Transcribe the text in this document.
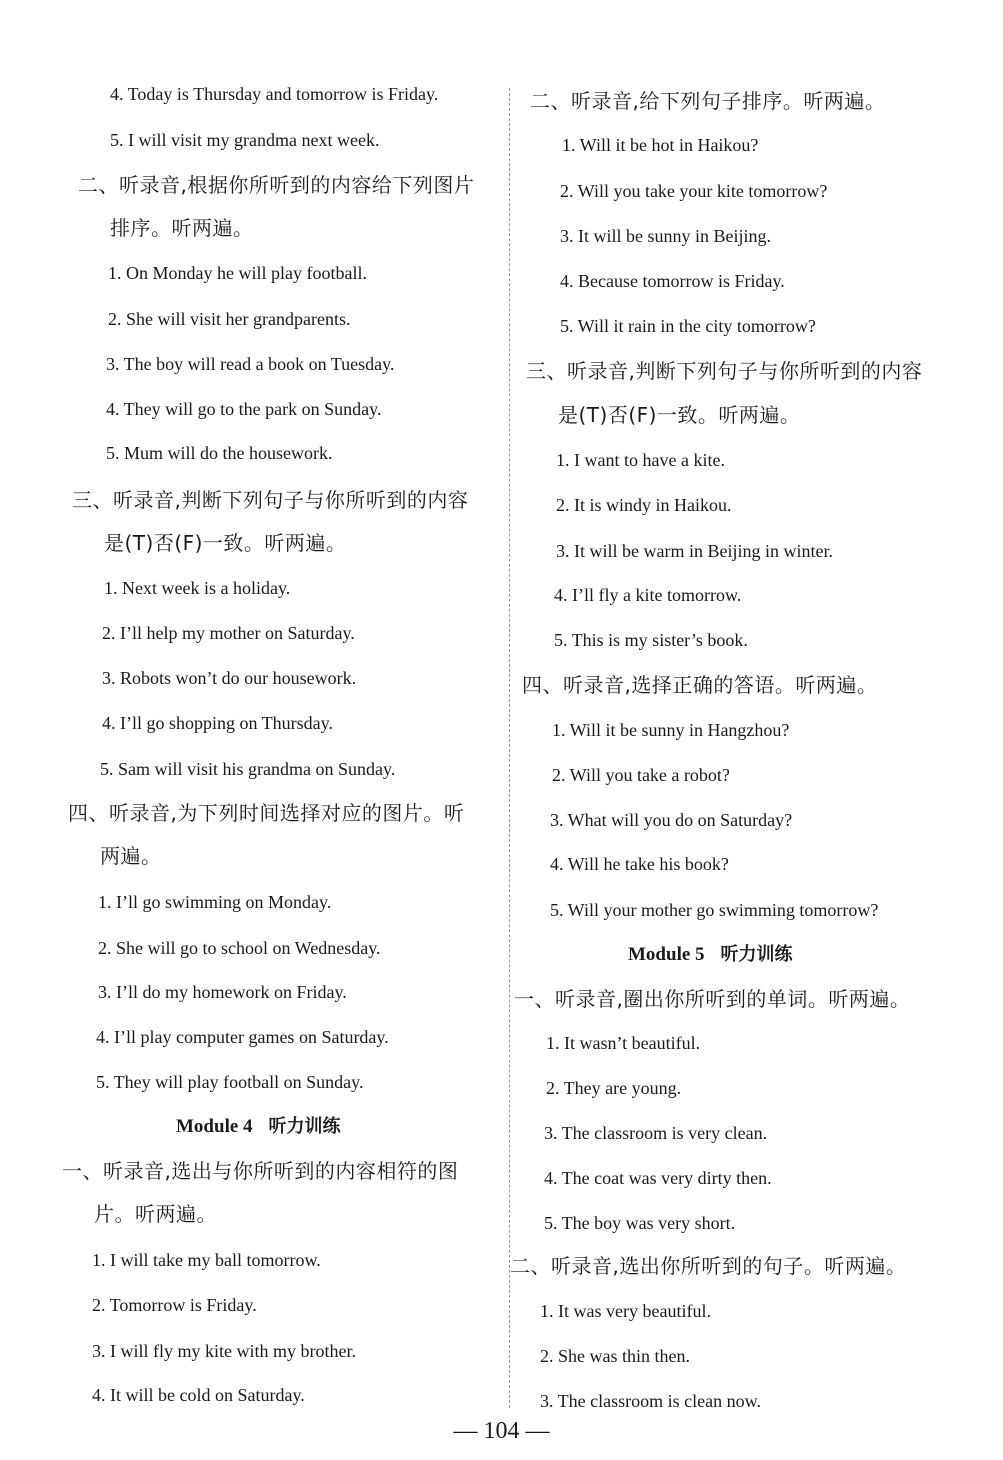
4. Today is Thursday and tomorrow is Friday.
5. I will visit my grandma next week.
二、听录音,根据你所听到的内容给下列图片
排序。听两遍。
1. On Monday he will play football.
2. She will visit her grandparents.
3. The boy will read a book on Tuesday.
4. They will go to the park on Sunday.
5. Mum will do the housework.
三、听录音,判断下列句子与你所听到的内容
是(T)否(F)一致。听两遍。
1. Next week is a holiday.
2. I’ll help my mother on Saturday.
3. Robots won’t do our housework.
4. I’ll go shopping on Thursday.
5. Sam will visit his grandma on Sunday.
四、听录音,为下列时间选择对应的图片。听
两遍。
1. I’ll go swimming on Monday.
2. She will go to school on Wednesday.
3. I’ll do my homework on Friday.
4. I’ll play computer games on Saturday.
5. They will play football on Sunday.
Module 4 听力训练
一、听录音,选出与你所听到的内容相符的图
片。听两遍。
1. I will take my ball tomorrow.
2. Tomorrow is Friday.
3. I will fly my kite with my brother.
4. It will be cold on Saturday.
二、听录音,给下列句子排序。听两遍。
1. Will it be hot in Haikou?
2. Will you take your kite tomorrow?
3. It will be sunny in Beijing.
4. Because tomorrow is Friday.
5. Will it rain in the city tomorrow?
三、听录音,判断下列句子与你所听到的内容
是(T)否(F)一致。听两遍。
1. I want to have a kite.
2. It is windy in Haikou.
3. It will be warm in Beijing in winter.
4. I’ll fly a kite tomorrow.
5. This is my sister’s book.
四、听录音,选择正确的答语。听两遍。
1. Will it be sunny in Hangzhou?
2. Will you take a robot?
3. What will you do on Saturday?
4. Will he take his book?
5. Will your mother go swimming tomorrow?
Module 5 听力训练
一、听录音,圈出你所听到的单词。听两遍。
1. It wasn’t beautiful.
2. They are young.
3. The classroom is very clean.
4. The coat was very dirty then.
5. The boy was very short.
二、听录音,选出你所听到的句子。听两遍。
1. It was very beautiful.
2. She was thin then.
3. The classroom is clean now.
— 104 —
